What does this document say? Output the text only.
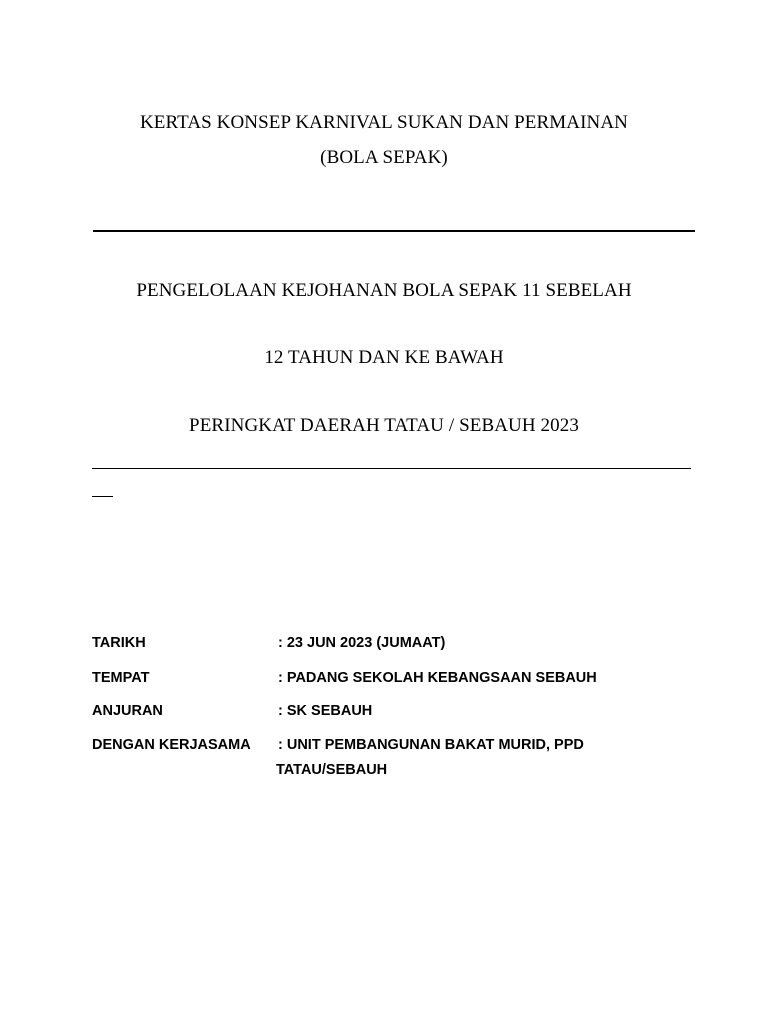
KERTAS KONSEP KARNIVAL SUKAN DAN PERMAINAN
(BOLA SEPAK)
PENGELOLAAN KEJOHANAN BOLA SEPAK 11 SEBELAH
12 TAHUN DAN KE BAWAH
PERINGKAT DAERAH TATAU / SEBAUH 2023
TARIKH	: 23 JUN 2023 (JUMAAT)
TEMPAT	: PADANG SEKOLAH KEBANGSAAN SEBAUH
ANJURAN	: SK SEBAUH
DENGAN KERJASAMA : UNIT PEMBANGUNAN BAKAT MURID, PPD
TATAU/SEBAUH
